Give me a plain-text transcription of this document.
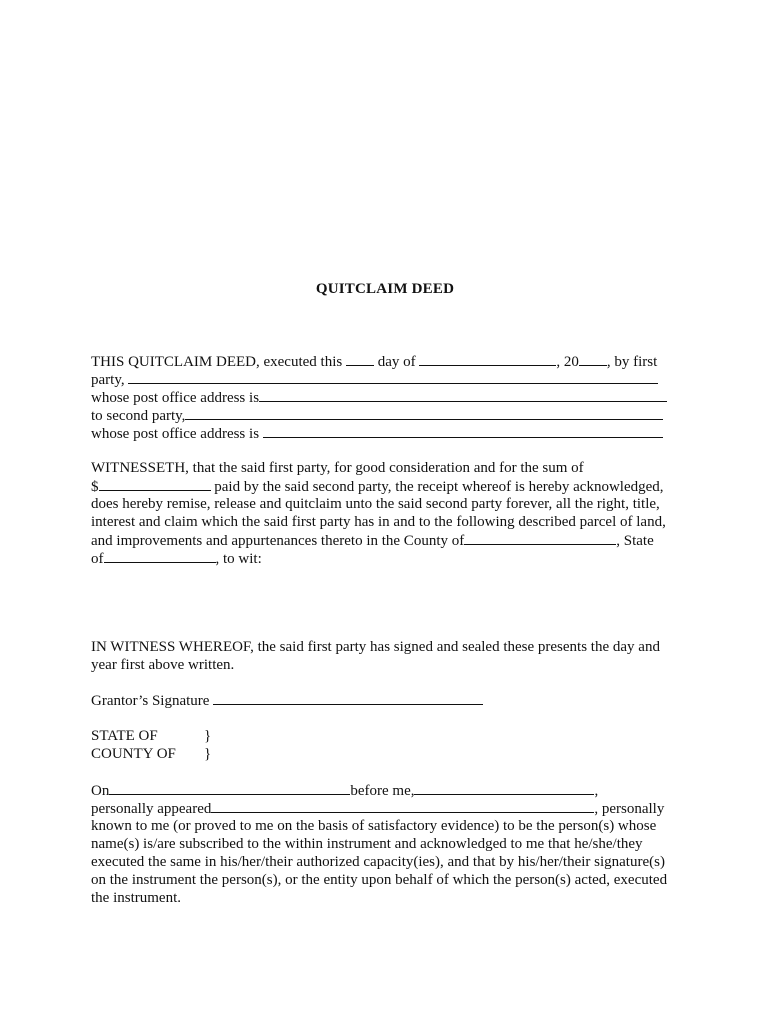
QUITCLAIM DEED
THIS QUITCLAIM DEED, executed this day of	, 20 , by first
party,
whose post office address is
to second party,
whose post office address is
WITNESSETH, that the said first party, for good consideration and for the sum of
$	paid by the said second party, the receipt whereof is hereby acknowledged,
does hereby remise, release and quitclaim unto the said second party forever, all the right, title,
interest and claim which the said first party has in and to the following described parcel of land,
and improvements and appurtenances thereto in the County of	, State
of	, to wit:
IN WITNESS WHEREOF, the said first party has signed and sealed these presents the day and
year first above written.
Grantor’s Signature
STATE OF	}
COUNTY OF }
On	before me,	,
personally appeared	, personally
known to me (or proved to me on the basis of satisfactory evidence) to be the person(s) whose
name(s) is/are subscribed to the within instrument and acknowledged to me that he/she/they
executed the same in his/her/their authorized capacity(ies), and that by his/her/their signature(s)
on the instrument the person(s), or the entity upon behalf of which the person(s) acted, executed
the instrument.
